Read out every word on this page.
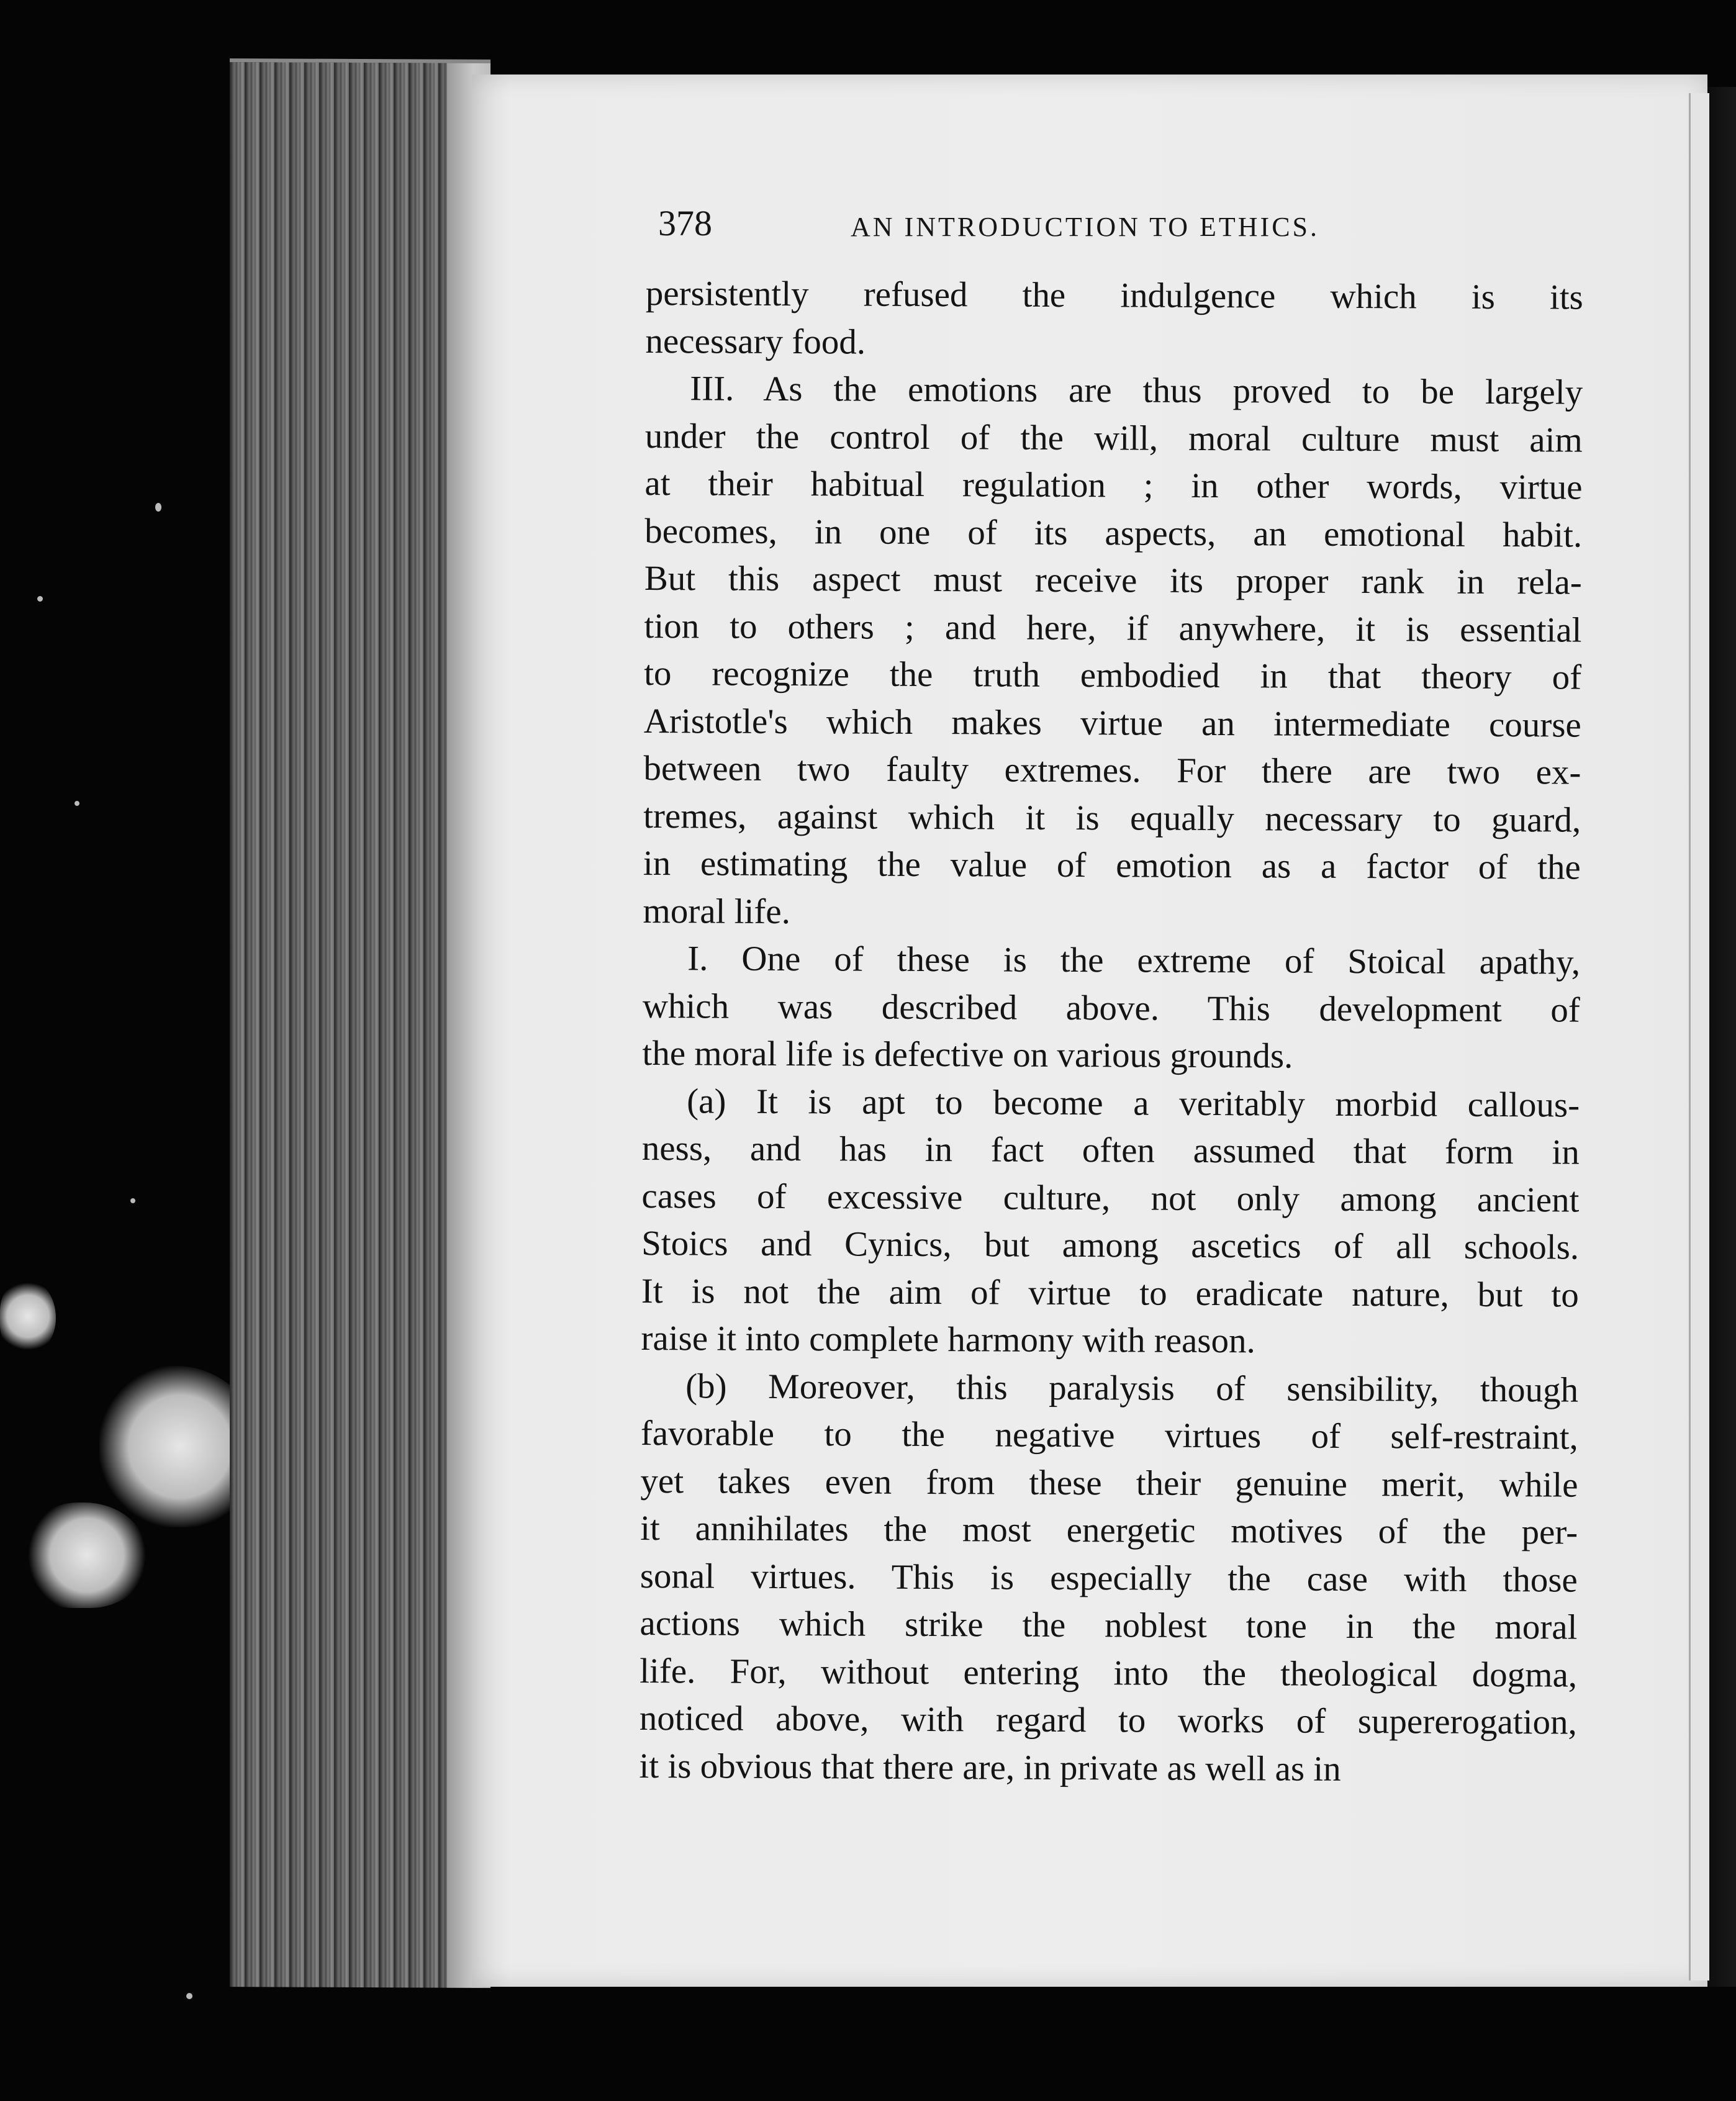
378	AN INTRODUCTION TO ETHICS.
persistently refused the indulgence which is its
necessary food.
III. As the emotions are thus proved to be largely
under the control of the will, moral culture must aim
at their habitual regulation ; in other words, virtue
becomes, in one of its aspects, an emotional habit.
But this aspect must receive its proper rank in rela-
tion to others ; and here, if anywhere, it is essential
to recognize the truth embodied in that theory of
Aristotle's which makes virtue an intermediate course
between two faulty extremes. For there are two ex-
tremes, against which it is equally necessary to guard,
in estimating the value of emotion as a factor of the
moral life.
I. One of these is the extreme of Stoical apathy,
which was described above. This development of
the moral life is defective on various grounds.
(a) It is apt to become a veritably morbid callous-
ness, and has in fact often assumed that form in
cases of excessive culture, not only among ancient
Stoics and Cynics, but among ascetics of all schools.
It is not the aim of virtue to eradicate nature, but to
raise it into complete harmony with reason.
(b) Moreover, this paralysis of sensibility, though
favorable to the negative virtues of self-restraint,
yet takes even from these their genuine merit, while
it annihilates the most energetic motives of the per-
sonal virtues. This is especially the case with those
actions which strike the noblest tone in the moral
life. For, without entering into the theological dogma,
noticed above, with regard to works of supererogation,
it is obvious that there are, in private as well as in
